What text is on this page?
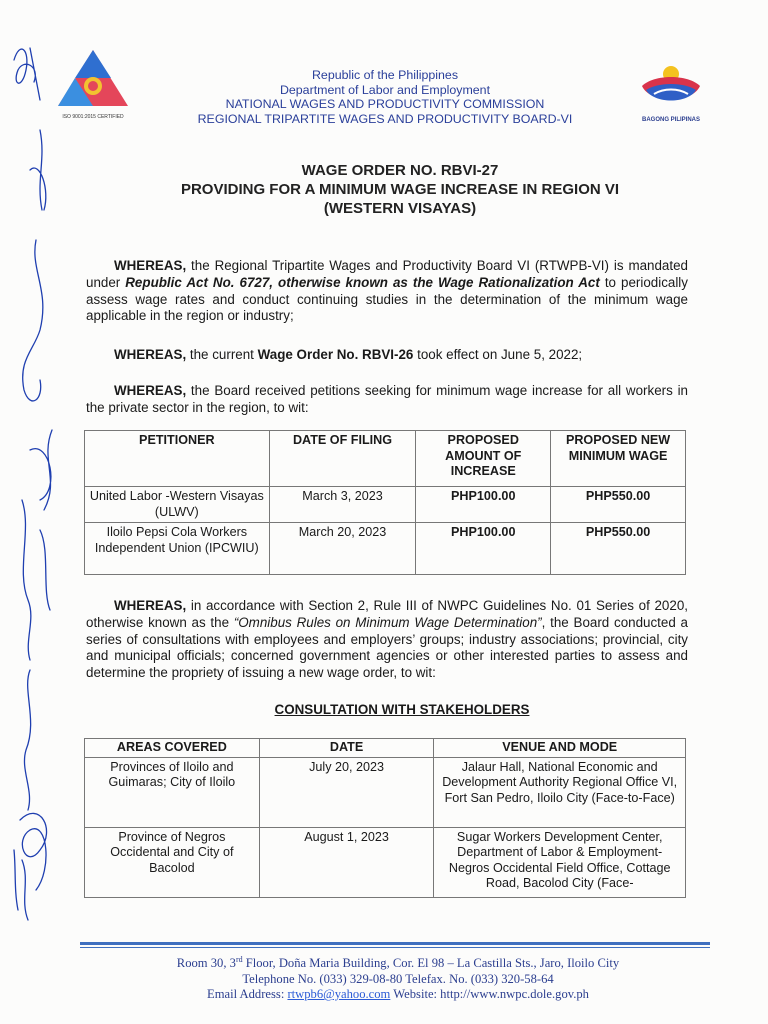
ISO 9001:2015 CERTIFIED	BAGONG PILIPINAS
Republic of the Philippines
Department of Labor and Employment
NATIONAL WAGES AND PRODUCTIVITY COMMISSION
REGIONAL TRIPARTITE WAGES AND PRODUCTIVITY BOARD-VI
WAGE ORDER NO. RBVI-27
PROVIDING FOR A MINIMUM WAGE INCREASE IN REGION VI
(WESTERN VISAYAS)
WHEREAS, the Regional Tripartite Wages and Productivity Board VI (RTWPB-VI) is mandated under Republic Act No. 6727, otherwise known as the Wage Rationalization Act to periodically assess wage rates and conduct continuing studies in the determination of the minimum wage applicable in the region or industry;
WHEREAS, the current Wage Order No. RBVI-26 took effect on June 5, 2022;
WHEREAS, the Board received petitions seeking for minimum wage increase for all workers in the private sector in the region, to wit:
PETITIONER	DATE OF FILING	PROPOSED AMOUNT OF INCREASE	PROPOSED NEW MINIMUM WAGE
United Labor -Western Visayas (ULWV)	March 3, 2023	PHP100.00	PHP550.00
Iloilo Pepsi Cola Workers Independent Union (IPCWIU)	March 20, 2023	PHP100.00	PHP550.00
WHEREAS, in accordance with Section 2, Rule III of NWPC Guidelines No. 01 Series of 2020, otherwise known as the “Omnibus Rules on Minimum Wage Determination”, the Board conducted a series of consultations with employees and employers’ groups; industry associations; provincial, city and municipal officials; concerned government agencies or other interested parties to assess and determine the propriety of issuing a new wage order, to wit:
CONSULTATION WITH STAKEHOLDERS
AREAS COVERED	DATE	VENUE AND MODE
Provinces of Iloilo and Guimaras; City of Iloilo	July 20, 2023	Jalaur Hall, National Economic and Development Authority Regional Office VI, Fort San Pedro, Iloilo City (Face-to-Face)
Province of Negros Occidental and City of Bacolod	August 1, 2023	Sugar Workers Development Center, Department of Labor & Employment-Negros Occidental Field Office, Cottage Road, Bacolod City (Face-
Room 30, 3rd Floor, Doña Maria Building, Cor. El 98 – La Castilla Sts., Jaro, Iloilo City
Telephone No. (033) 329-08-80 Telefax. No. (033) 320-58-64
Email Address: rtwpb6@yahoo.com Website: http://www.nwpc.dole.gov.ph
